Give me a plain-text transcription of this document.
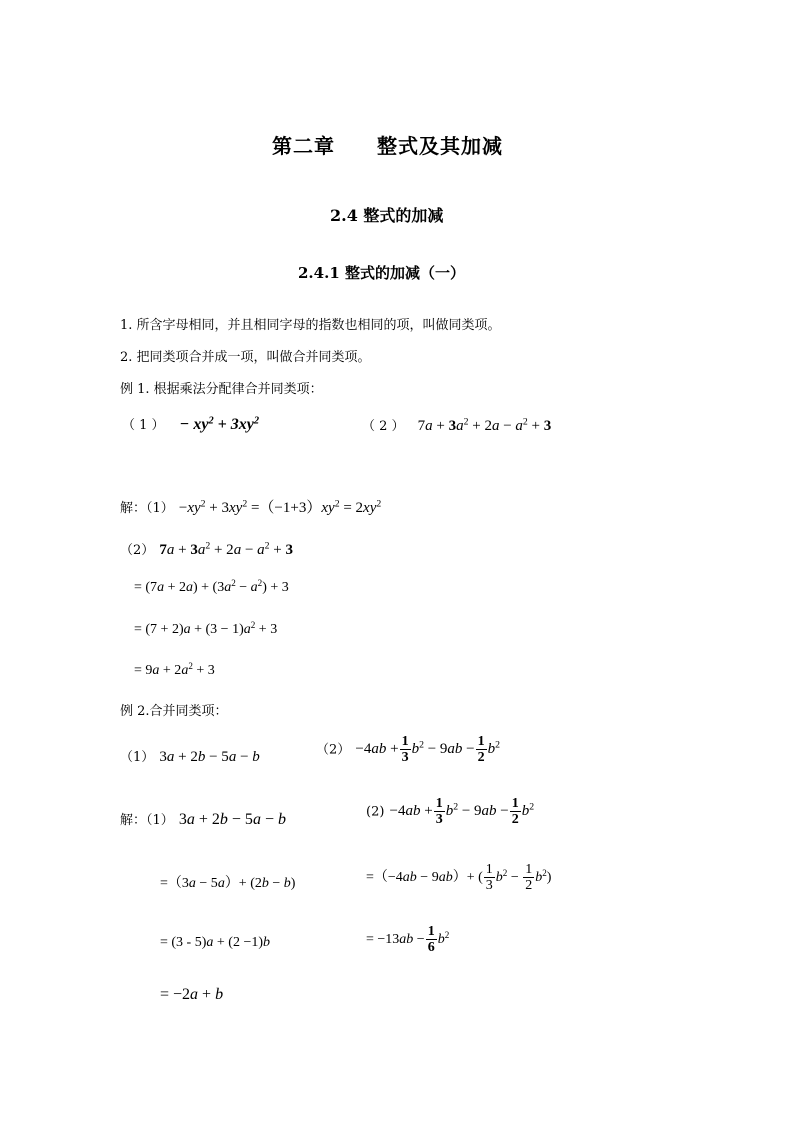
第二章　　整式及其加减
2.4 整式的加减
2.4.1 整式的加减（一）
1. 所含字母相同，并且相同字母的指数也相同的项，叫做同类项。
2. 把同类项合并成一项，叫做合并同类项。
例 1. 根据乘法分配律合并同类项：
（ 1 ） − $xy^2 + 3xy^2$	（ 2 ） $7a + 3a^2 + 2a - a^2 + 3$
解：$(1) -xy^2 + 3xy^2 =(-1+3)xy^2 = 2xy^2$
（2） $7a + 3a^2 + 2a - a^2 + 3$
= $(7a + 2a) + (3a^2 - a^2) + 3$
= $(7 + 2)a + (3 - 1)a^2 + 3$
= $9a + 2a^2 + 3$
例 2.合并同类项：
（1） 3a + 2b − 5a − b	$(2) -4ab + \frac{1}{3} b^2 - 9ab - \frac{1}{2} b^2$
解：（1） 3a + 2b − 5a − b
=（3a − 5a）+ (2b − b)
= (3 - 5)a + (2 −1)b
= −2a + b
$(2) -4ab + \frac{1}{3} b^2 - 9ab - \frac{1}{2} b^2$
=（−4ab − 9ab）+ ( $\frac{1}{3} b^2 - \frac{1}{2} b^2$)
= $-13ab - \frac{1}{6} b^2$
